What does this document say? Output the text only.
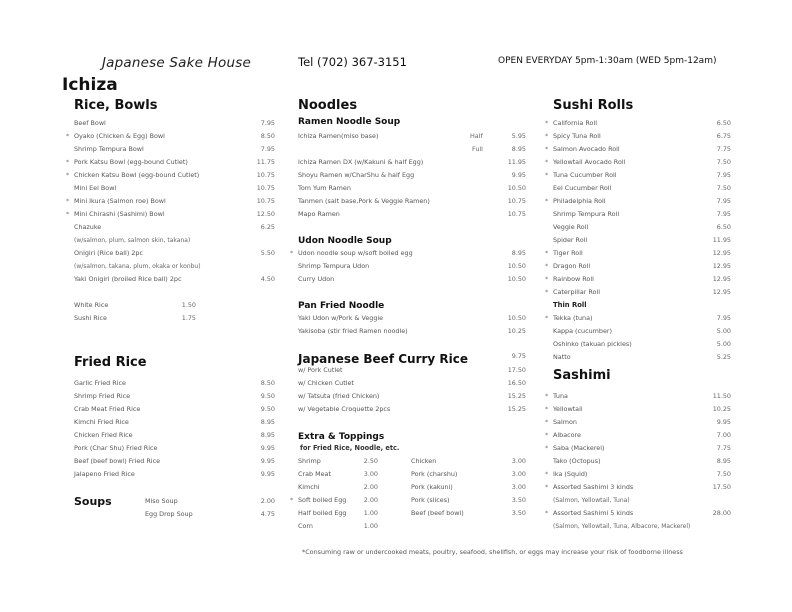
Japanese Sake House
Ichiza
Tel (702) 367-3151	OPEN EVERYDAY 5pm-1:30am (WED 5pm-12am)
Rice, Bowls
Beef Bowl	7.95
* Oyako (Chicken & Egg) Bowl	8.50
Shrimp Tempura Bowl	7.95
* Pork Katsu Bowl (egg-bound Cutlet)	11.75
* Chicken Katsu Bowl (egg-bound Cutlet)	10.75
Mini Eel Bowl	10.75
* Mini Ikura (Salmon roe) Bowl	10.75
* Mini Chirashi (Sashimi) Bowl	12.50
Chazuke	6.25
(w/salmon, plum, salmon skin, takana)
Onigiri (Rice ball) 2pc	5.50
(w/salmon, takana, plum, okaka or konbu)
Yaki Onigiri (broiled Rice ball) 2pc	4.50
White Rice	1.50
Sushi Rice	1.75
Fried Rice
Garlic Fried Rice	8.50
Shrimp Fried Rice	9.50
Crab Meat Fried Rice	9.50
Kimchi Fried Rice	8.95
Chicken Fried Rice	8.95
Pork (Char Shu) Fried Rice	9.95
Beef (beef bowl) Fried Rice	9.95
Jalapeno Fried Rice	9.95
Soups	Miso Soup	2.00
Egg Drop Soup	4.75
Noodles
Ramen Noodle Soup
Ichiza Ramen(miso base)	Half	5.95
Full	8.95
Ichiza Ramen DX (w/Kakuni & half Egg)	11.95
Shoyu Ramen w/CharShu & half Egg	9.95
Tom Yum Ramen	10.50
Tanmen (salt base,Pork & Veggie Ramen)	10.75
Mapo Ramen	10.75
Udon Noodle Soup
* Udon noodle soup w/soft boiled egg	8.95
Shrimp Tempura Udon	10.50
Curry Udon	10.50
Pan Fried Noodle
Yaki Udon w/Pork & Veggie	10.50
Yakisoba (stir fried Ramen noodle)	10.25
Japanese Beef Curry Rice	9.75
w/ Pork Cutlet	17.50
w/ Chicken Cutlet	16.50
w/ Tatsuta (fried Chicken)	15.25
w/ Vegetable Croquette 2pcs	15.25
Extra & Toppings
for Fried Rice, Noodle, etc.
Shrimp	2.50
Crab Meat	3.00
Kimchi	2.00
* Soft boiled Egg	2.00
Half boiled Egg	1.00
Corn	1.00
Chicken	3.00
Pork (charshu)	3.00
Pork (kakuni)	3.00
Pork (slices)	3.50
Beef (beef bowl)	3.50
Sushi Rolls
* California Roll	6.50
* Spicy Tuna Roll	6.75
* Salmon Avocado Roll	7.75
* Yellowtail Avocado Roll	7.50
* Tuna Cucumber Roll	7.95
Eel Cucumber Roll	7.50
* Philadelphia Roll	7.95
Shrimp Tempura Roll	7.95
Veggie Roll	6.50
Spider Roll	11.95
* Tiger Roll	12.95
* Dragon Roll	12.95
* Rainbow Roll	12.95
* Caterpillar Roll	12.95
Thin Roll
* Tekka (tuna)	7.95
Kappa (cucumber)	5.00
Oshinko (takuan pickles)	5.00
Natto	5.25
Sashimi
* Tuna	11.50
* Yellowtail	10.25
* Salmon	9.95
* Albacore	7.00
* Saba (Mackerel)	7.75
Tako (Octopus)	8.95
* Ika (Squid)	7.50
* Assorted Sashimi 3 kinds	17.50
(Salmon, Yellowtail, Tuna)
* Assorted Sashimi 5 kinds	28.00
(Salmon, Yellowtail, Tuna, Albacore, Mackerel)
*Consuming raw or undercooked meats, poultry, seafood, shellfish, or eggs may increase your risk of foodborne illness
